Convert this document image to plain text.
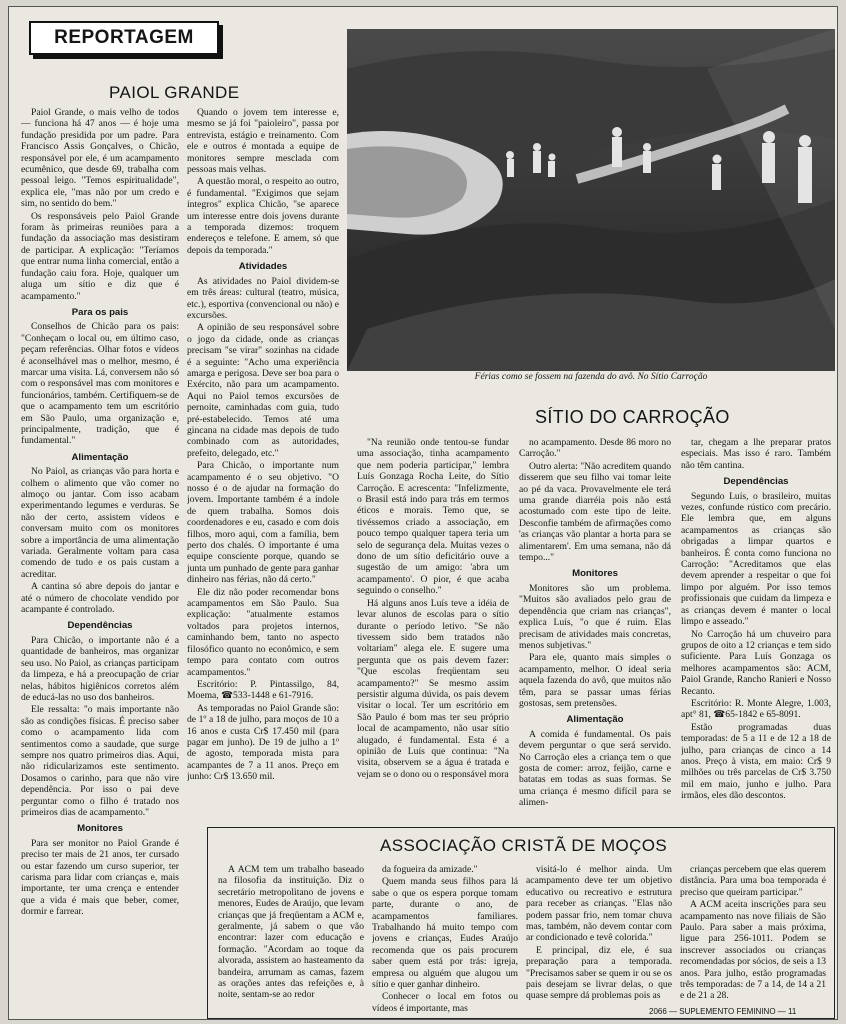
REPORTAGEM
PAIOL GRANDE

Paiol Grande, o mais velho de todos — funciona há 47 anos — é hoje uma fundação presidida por um padre. Para Francisco Assis Gonçalves, o Chicão, responsável por ele, é um acampamento ecumênico, que desde 69, trabalha com pessoal leigo. "Temos espiritualidade", explica ele, "mas não por um credo e sim, no sentido do bem."

Os responsáveis pelo Paiol Grande foram às primeiras reuniões para a fundação da associação mas desistiram de participar. A explicação: "Teríamos que entrar numa linha comercial, então a fundação caiu fora. Hoje, qualquer um aluga um sítio e diz que é acampamento."

Para os pais

Conselhos de Chicão para os pais: "Conheçam o local ou, em último caso, peçam referências. Olhar fotos e vídeos é aconselhável mas o melhor, mesmo, é marcar uma visita. Lá, conversem não só com o responsável mas com monitores e funcionários, também. Certifiquem-se de que o acampamento tem um escritório em São Paulo, uma organização e, principalmente, tradição, que é fundamental."

Alimentação

No Paiol, as crianças vão para horta e colhem o alimento que vão comer no almoço ou jantar. Com isso acabam experimentando legumes e verduras. Se não der certo, assistem vídeos e conversam muito com os monitores sobre a importância de uma alimentação variada. Geralmente voltam para casa comendo de tudo e os pais custam a acreditar.

A cantina só abre depois do jantar e até o número de chocolate vendido por acampante é controlado.

Dependências

Para Chicão, o importante não é a quantidade de banheiros, mas organizar seu uso. No Paiol, as crianças participam da limpeza, e há a preocupação de criar nelas, hábitos higiênicos corretos além de educá-las no uso dos banheiros.

Ele ressalta: "o mais importante não são as condições físicas. É preciso saber como o acampamento lida com sentimentos como a saudade, que surge sempre nos quatro primeiros dias. Aqui, não ridicularizamos este sentimento. Dosamos o carinho, para que não vire dependência. Por isso o pai deve perguntar como o filho é tratado nos primeiros dias de acampamento."

Monitores

Para ser monitor no Paiol Grande é preciso ter mais de 21 anos, ter cursado ou estar fazendo um curso superior, ter carisma para lidar com crianças e, mais importante, ter uma crença e entender que a vida é mais que beber, comer, dormir e farrear.

Quando o jovem tem interesse e, mesmo se já foi "paioleiro", passa por entrevista, estágio e treinamento. Com ele e outros é montada a equipe de monitores sempre mesclada com pessoas mais velhas.

A questão moral, o respeito ao outro, é fundamental. "Exigimos que sejam íntegros" explica Chicão, "se aparece um interesse entre dois jovens durante a temporada dizemos: troquem endereços e telefone. E amem, só que depois da temporada."

Atividades

As atividades no Paiol dividem-se em três áreas: cultural (teatro, música, etc.), esportiva (convencional ou não) e excursões.

A opinião de seu responsável sobre o jogo da cidade, onde as crianças precisam "se virar" sozinhas na cidade é a seguinte: "Acho uma experiência amarga e perigosa. Deve ser boa para o Exército, não para um acampamento. Aqui no Paiol temos excursões de pernoite, caminhadas com guia, tudo pré-estabelecido. Temos até uma gincana na cidade mas depois de tudo combinado com as autoridades, prefeito, delegado, etc."

Para Chicão, o importante num acampamento é o seu objetivo. "O nosso é o de ajudar na formação do jovem. Importante também é a índole de quem trabalha. Somos dois coordenadores e eu, casado e com dois filhos, moro aqui, com a família, bem perto dos chalés. O importante é uma equipe consciente porque, quando se junta um punhado de gente para ganhar dinheiro nas férias, não dá certo."

Ele diz não poder recomendar bons acampamentos em São Paulo. Sua explicação: "atualmente estamos voltados para projetos internos, caminhando bem, tanto no aspecto filosófico quanto no econômico, e sem tempo para contato com outros acampamentos."

Escritório: P. Pintassilgo, 84, Moema, ☎533-1448 e 61-7916.

As temporadas no Paiol Grande são: de 1º a 18 de julho, para moços de 10 a 16 anos e custa Cr$ 17.450 mil (para pagar em junho). De 19 de julho a 1º de agosto, temporada mista para acampantes de 7 a 11 anos. Preço em junho: Cr$ 13.650 mil.

Férias como se fossem na fazenda do avô. No Sítio Carroção
SÍTIO DO CARROÇÃO

"Na reunião onde tentou-se fundar uma associação, tinha acampamento que nem poderia participar," lembra Luís Gonzaga Rocha Leite, do Sítio Carroção. E acrescenta: "Infelizmente, o Brasil está indo para trás em termos éticos e morais. Temo que, se tivéssemos criado a associação, em pouco tempo qualquer tapera teria um selo de segurança dela. Muitas vezes o dono de um sítio deficitário ouve a sugestão de um amigo: 'abra um acampamento'. O pior, é que acaba seguindo o conselho."

Há alguns anos Luís teve a idéia de levar alunos de escolas para o sítio durante o período letivo. "Se não tivessem sido bem tratados não voltariam" alega ele. E sugere uma pergunta que os pais devem fazer: "Que escolas freqüentam seu acampamento?" Se mesmo assim persistir alguma dúvida, os pais devem visitar o local. Ter um escritório em São Paulo é bom mas ter seu próprio local de acampamento, não usar sítio alugado, é fundamental. Esta é a opinião de Luís que continua: "Na visita, observem se a água é tratada e vejam se o dono ou o responsável mora

no acampamento. Desde 86 moro no Carroção."

Outro alerta: "Não acreditem quando disserem que seu filho vai tomar leite ao pé da vaca. Provavelmente ele terá uma grande diarréia pois não está acostumado com este tipo de leite. Desconfie também de afirmações como 'as crianças vão plantar a horta para se alimentarem'. Em uma semana, não dá tempo..."

Monitores

Monitores são um problema. "Muitos são avaliados pelo grau de dependência que criam nas crianças", explica Luís, "o que é ruim. Elas precisam de atividades mais concretas, menos subjetivas."

Para ele, quanto mais simples o acampamento, melhor. O ideal seria aquela fazenda do avô, que muitos não têm, para se passar umas férias gostosas, sem pretensões.

Alimentação

A comida é fundamental. Os pais devem perguntar o que será servido. No Carroção eles a criança tem o que gosta de comer: arroz, feijão, carne e batatas em todas as suas formas. Se uma criança é mesmo difícil para se alimen-

tar, chegam a lhe preparar pratos especiais. Mas isso é raro. Também não têm cantina.

Dependências

Segundo Luís, o brasileiro, muitas vezes, confunde rústico com precário. Ele lembra que, em alguns acampamentos as crianças são obrigadas a limpar quartos e banheiros. É conta como funciona no Carroção: "Acreditamos que elas devem aprender a respeitar o que foi limpo por alguém. Por isso temos profissionais que cuidam da limpeza e as crianças devem é manter o local limpo e asseado."

No Carroção há um chuveiro para grupos de oito a 12 crianças e tem sido suficiente. Para Luís Gonzaga os melhores acampamentos são: ACM, Paiol Grande, Rancho Ranieri e Nosso Recanto.

Escritório: R. Monte Alegre, 1.003, apt° 81, ☎65-1842 e 65-8091.

Estão programadas duas temporadas: de 5 a 11 e de 12 a 18 de julho, para crianças de cinco a 14 anos. Preço à vista, em maio: Cr$ 9 milhões ou três parcelas de Cr$ 3.750 mil em maio, junho e julho. Para irmãos, eles dão descontos.

ASSOCIAÇÃO CRISTÃ DE MOÇOS

A ACM tem um trabalho baseado na filosofia da instituição. Diz o secretário metropolitano de jovens e menores, Eudes de Araújo, que levam crianças que já freqüentam a ACM e, geralmente, já sabem o que vão encontrar: lazer com educação e formação. "Acordam ao toque da alvorada, assistem ao hasteamento da bandeira, arrumam as camas, fazem as orações antes das refeições e, à noite, sentam-se ao redor

da fogueira da amizade."

Quem manda seus filhos para lá sabe o que os espera porque tomam parte, durante o ano, de acampamentos familiares. Trabalhando há muito tempo com jovens e crianças, Eudes Araújo recomenda que os pais procurem saber quem está por trás: igreja, empresa ou alguém que alugou um sítio e quer ganhar dinheiro.

Conhecer o local em fotos ou vídeos é importante, mas

visitá-lo é melhor ainda. Um acampamento deve ter um objetivo educativo ou recreativo e estrutura para receber as crianças. "Elas não podem passar frio, nem tomar chuva mas, também, não devem contar com ar condicionado e tevê colorida."

E principal, diz ele, é sua preparação para a temporada. "Precisamos saber se quem ir ou se os pais desejam se livrar delas, o que quase sempre dá problemas pois as

crianças percebem que elas querem distância. Para uma boa temporada é preciso que queiram participar."

A ACM aceita inscrições para seu acampamento nas nove filiais de São Paulo. Para saber a mais próxima, ligue para 256-1011. Podem se inscrever associados ou crianças recomendadas por sócios, de seis a 13 anos. Para julho, estão programadas três temporadas: de 7 a 14, de 14 a 21 e de 21 a 28.

2066 — SUPLEMENTO FEMININO — 11
